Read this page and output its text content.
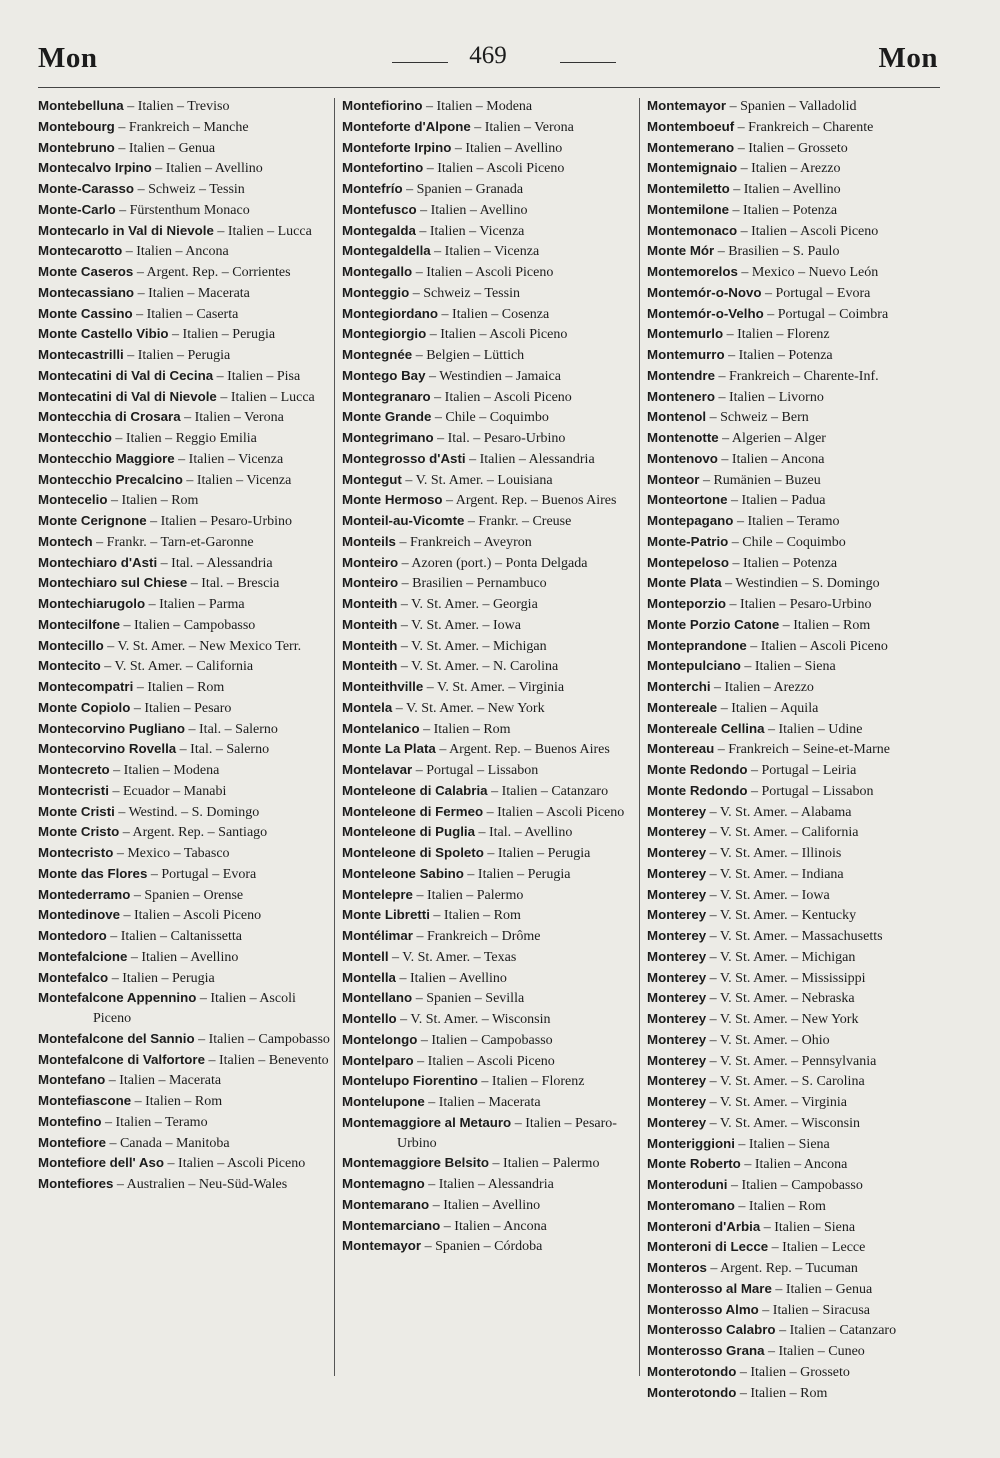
Mon	469	Mon
Montebelluna – Italien – Treviso
Montebourg – Frankreich – Manche
Montebruno – Italien – Genua
Montecalvo Irpino – Italien – Avellino
Monte-Carasso – Schweiz – Tessin
Monte-Carlo – Fürstenthum Monaco
Montecarlo in Val di Nievole – Italien – Lucca
Montecarotto – Italien – Ancona
Monte Caseros – Argent. Rep. – Corrientes
Montecassiano – Italien – Macerata
Monte Cassino – Italien – Caserta
Monte Castello Vibio – Italien – Perugia
Montecastrilli – Italien – Perugia
Montecatini di Val di Cecina – Italien – Pisa
Montecatini di Val di Nievole – Italien – Lucca
Montecchia di Crosara – Italien – Verona
Montecchio – Italien – Reggio Emilia
Montecchio Maggiore – Italien – Vicenza
Montecchio Precalcino – Italien – Vicenza
Montecelio – Italien – Rom
Monte Cerignone – Italien – Pesaro-Urbino
Montech – Frankr. – Tarn-et-Garonne
Montechiaro d'Asti – Ital. – Alessandria
Montechiaro sul Chiese – Ital. – Brescia
Montechiarugolo – Italien – Parma
Montecilfone – Italien – Campobasso
Montecillo – V. St. Amer. – New Mexico Terr.
Montecito – V. St. Amer. – California
Montecompatri – Italien – Rom
Monte Copiolo – Italien – Pesaro
Montecorvino Pugliano – Ital. – Salerno
Montecorvino Rovella – Ital. – Salerno
Montecreto – Italien – Modena
Montecristi – Ecuador – Manabi
Monte Cristi – Westind. – S. Domingo
Monte Cristo – Argent. Rep. – Santiago
Montecristo – Mexico – Tabasco
Monte das Flores – Portugal – Evora
Montederramo – Spanien – Orense
Montedinove – Italien – Ascoli Piceno
Montedoro – Italien – Caltanissetta
Montefalcione – Italien – Avellino
Montefalco – Italien – Perugia
Montefalcone Appennino – Italien – Ascoli Piceno
Montefalcone del Sannio – Italien – Campobasso
Montefalcone di Valfortore – Italien – Benevento
Montefano – Italien – Macerata
Montefiascone – Italien – Rom
Montefino – Italien – Teramo
Montefiore – Canada – Manitoba
Montefiore dell' Aso – Italien – Ascoli Piceno
Montefiores – Australien – Neu-Süd-Wales
Montefiorino – Italien – Modena
Monteforte d'Alpone – Italien – Verona
Monteforte Irpino – Italien – Avellino
Montefortino – Italien – Ascoli Piceno
Montefrío – Spanien – Granada
Montefusco – Italien – Avellino
Montegalda – Italien – Vicenza
Montegaldella – Italien – Vicenza
Montegallo – Italien – Ascoli Piceno
Monteggio – Schweiz – Tessin
Montegiordano – Italien – Cosenza
Montegiorgio – Italien – Ascoli Piceno
Montegnée – Belgien – Lüttich
Montego Bay – Westindien – Jamaica
Montegranaro – Italien – Ascoli Piceno
Monte Grande – Chile – Coquimbo
Montegrimano – Ital. – Pesaro-Urbino
Montegrosso d'Asti – Italien – Alessandria
Montegut – V. St. Amer. – Louisiana
Monte Hermoso – Argent. Rep. – Buenos Aires
Monteil-au-Vicomte – Frankr. – Creuse
Monteils – Frankreich – Aveyron
Monteiro – Azoren (port.) – Ponta Delgada
Monteiro – Brasilien – Pernambuco
Monteith – V. St. Amer. – Georgia
Monteith – V. St. Amer. – Iowa
Monteith – V. St. Amer. – Michigan
Monteith – V. St. Amer. – N. Carolina
Monteithville – V. St. Amer. – Virginia
Montela – V. St. Amer. – New York
Montelanico – Italien – Rom
Monte La Plata – Argent. Rep. – Buenos Aires
Montelavar – Portugal – Lissabon
Monteleone di Calabria – Italien – Catanzaro
Monteleone di Fermeo – Italien – Ascoli Piceno
Monteleone di Puglia – Ital. – Avellino
Monteleone di Spoleto – Italien – Perugia
Monteleone Sabino – Italien – Perugia
Montelepre – Italien – Palermo
Monte Libretti – Italien – Rom
Montélimar – Frankreich – Drôme
Montell – V. St. Amer. – Texas
Montella – Italien – Avellino
Montellano – Spanien – Sevilla
Montello – V. St. Amer. – Wisconsin
Montelongo – Italien – Campobasso
Montelparo – Italien – Ascoli Piceno
Montelupo Fiorentino – Italien – Florenz
Montelupone – Italien – Macerata
Montemaggiore al Metauro – Italien – Pesaro-Urbino
Montemaggiore Belsito – Italien – Palermo
Montemagno – Italien – Alessandria
Montemarano – Italien – Avellino
Montemarciano – Italien – Ancona
Montemayor – Spanien – Córdoba
Montemayor – Spanien – Valladolid
Montemboeuf – Frankreich – Charente
Montemerano – Italien – Grosseto
Montemignaio – Italien – Arezzo
Montemiletto – Italien – Avellino
Montemilone – Italien – Potenza
Montemonaco – Italien – Ascoli Piceno
Monte Mór – Brasilien – S. Paulo
Montemorelos – Mexico – Nuevo León
Montemór-o-Novo – Portugal – Evora
Montemór-o-Velho – Portugal – Coimbra
Montemurlo – Italien – Florenz
Montemurro – Italien – Potenza
Montendre – Frankreich – Charente-Inf.
Montenero – Italien – Livorno
Montenol – Schweiz – Bern
Montenotte – Algerien – Alger
Montenovo – Italien – Ancona
Monteor – Rumänien – Buzeu
Monteortone – Italien – Padua
Montepagano – Italien – Teramo
Monte-Patrio – Chile – Coquimbo
Montepeloso – Italien – Potenza
Monte Plata – Westindien – S. Domingo
Monteporzio – Italien – Pesaro-Urbino
Monte Porzio Catone – Italien – Rom
Monteprandone – Italien – Ascoli Piceno
Montepulciano – Italien – Siena
Monterchi – Italien – Arezzo
Montereale – Italien – Aquila
Montereale Cellina – Italien – Udine
Montereau – Frankreich – Seine-et-Marne
Monte Redondo – Portugal – Leiria
Monte Redondo – Portugal – Lissabon
Monterey – V. St. Amer. – Alabama
Monterey – V. St. Amer. – California
Monterey – V. St. Amer. – Illinois
Monterey – V. St. Amer. – Indiana
Monterey – V. St. Amer. – Iowa
Monterey – V. St. Amer. – Kentucky
Monterey – V. St. Amer. – Massachusetts
Monterey – V. St. Amer. – Michigan
Monterey – V. St. Amer. – Mississippi
Monterey – V. St. Amer. – Nebraska
Monterey – V. St. Amer. – New York
Monterey – V. St. Amer. – Ohio
Monterey – V. St. Amer. – Pennsylvania
Monterey – V. St. Amer. – S. Carolina
Monterey – V. St. Amer. – Virginia
Monterey – V. St. Amer. – Wisconsin
Monteriggioni – Italien – Siena
Monte Roberto – Italien – Ancona
Monteroduni – Italien – Campobasso
Monteromano – Italien – Rom
Monteroni d'Arbia – Italien – Siena
Monteroni di Lecce – Italien – Lecce
Monteros – Argent. Rep. – Tucuman
Monterosso al Mare – Italien – Genua
Monterosso Almo – Italien – Siracusa
Monterosso Calabro – Italien – Catanzaro
Monterosso Grana – Italien – Cuneo
Monterotondo – Italien – Grosseto
Monterotondo – Italien – Rom
